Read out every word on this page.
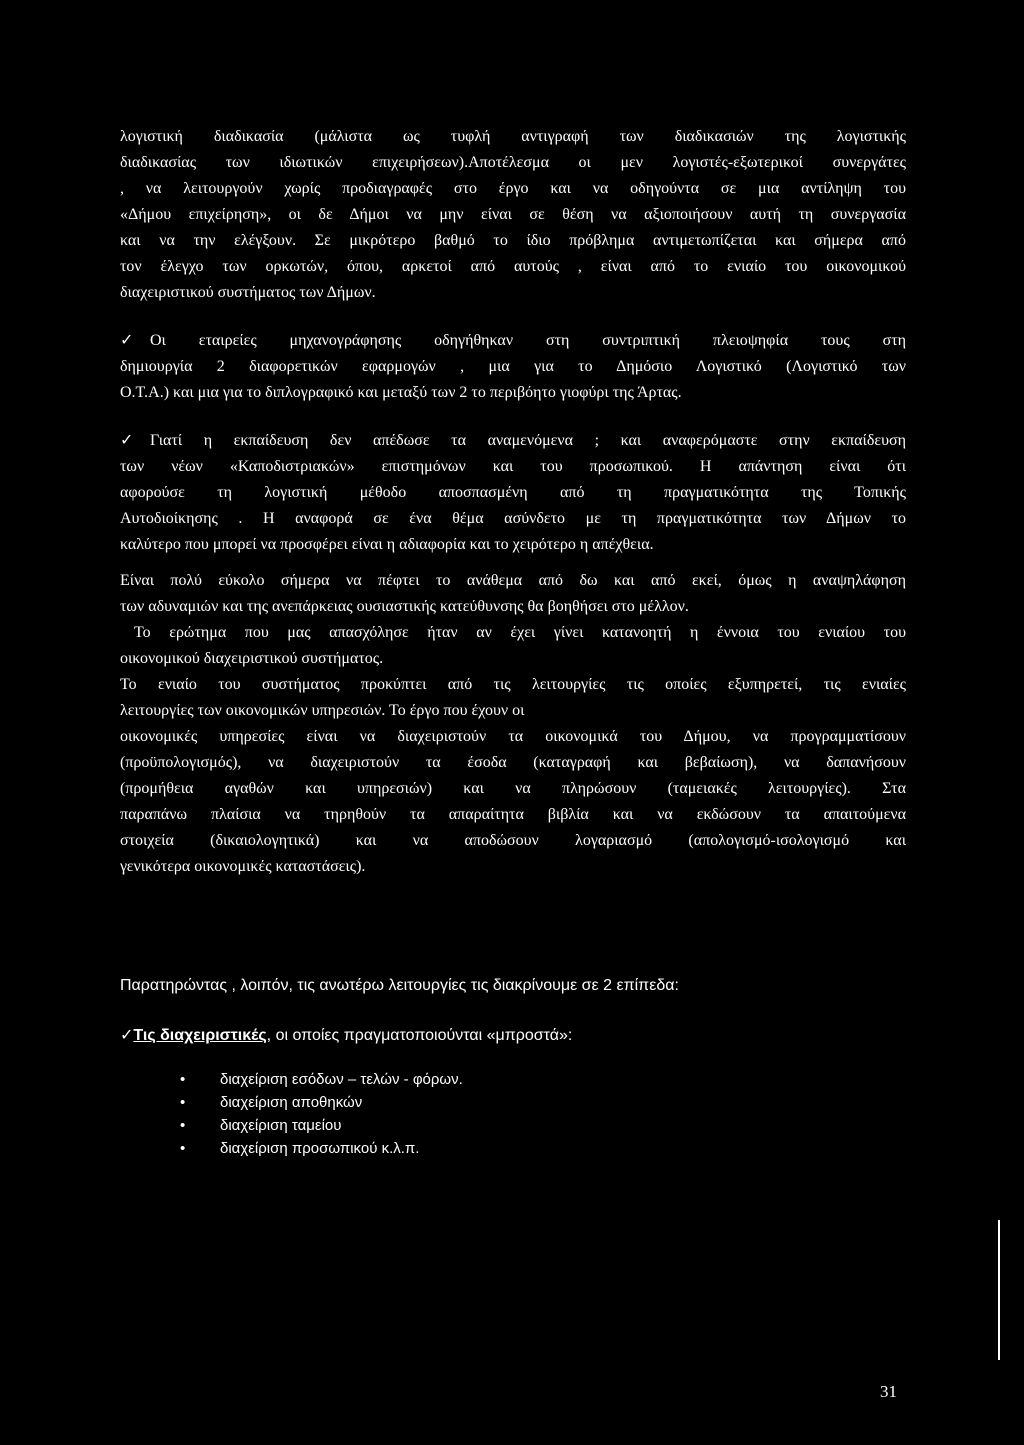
λογιστική διαδικασία (μάλιστα ως τυφλή αντιγραφή των διαδικασιών της λογιστικής
διαδικασίας των ιδιωτικών επιχειρήσεων).Αποτέλεσμα οι μεν λογιστές-εξωτερικοί συνεργάτες
, να λειτουργούν χωρίς προδιαγραφές στο έργο και να οδηγούντα σε μια αντίληψη του
«Δήμου επιχείρηση», οι δε Δήμοι να μην είναι σε θέση να αξιοποιήσουν αυτή τη συνεργασία
και να την ελέγξουν. Σε μικρότερο βαθμό το ίδιο πρόβλημα αντιμετωπίζεται και σήμερα από
τον έλεγχο των ορκωτών, όπου, αρκετοί από αυτούς , είναι από το ενιαίο του οικονομικού
διαχειριστικού συστήματος των Δήμων.
✓ Οι εταιρείες μηχανογράφησης οδηγήθηκαν στη συντριπτική πλειοψηφία τους στη
δημιουργία 2 διαφορετικών εφαρμογών , μια για το Δημόσιο Λογιστικό (Λογιστικό των
Ο.Τ.Α.) και μια για το διπλογραφικό και μεταξύ των 2 το περιβόητο γιοφύρι της Άρτας.
✓ Γιατί η εκπαίδευση δεν απέδωσε τα αναμενόμενα ; και αναφερόμαστε στην εκπαίδευση
των νέων «Καποδιστριακών» επιστημόνων και του προσωπικού. Η απάντηση είναι ότι
αφορούσε τη λογιστική μέθοδο αποσπασμένη από τη πραγματικότητα της Τοπικής
Αυτοδιοίκησης . Η αναφορά σε ένα θέμα ασύνδετο με τη πραγματικότητα των Δήμων το
καλύτερο που μπορεί να προσφέρει είναι η αδιαφορία και το χειρότερο η απέχθεια.
Είναι πολύ εύκολο σήμερα να πέφτει το ανάθεμα από δω και από εκεί, όμως η αναψηλάφηση
των αδυναμιών και της ανεπάρκειας ουσιαστικής κατεύθυνσης θα βοηθήσει στο μέλλον.
Το ερώτημα που μας απασχόλησε ήταν αν έχει γίνει κατανοητή η έννοια του ενιαίου του
οικονομικού διαχειριστικού συστήματος.
Το ενιαίο του συστήματος προκύπτει από τις λειτουργίες τις οποίες εξυπηρετεί, τις ενιαίες
λειτουργίες των οικονομικών υπηρεσιών. Το έργο που έχουν οι
οικονομικές υπηρεσίες είναι να διαχειριστούν τα οικονομικά του Δήμου, να προγραμματίσουν
(προϋπολογισμός), να διαχειριστούν τα έσοδα (καταγραφή και βεβαίωση), να δαπανήσουν
(προμήθεια αγαθών και υπηρεσιών) και να πληρώσουν (ταμειακές λειτουργίες). Στα
παραπάνω πλαίσια να τηρηθούν τα απαραίτητα βιβλία και να εκδώσουν τα απαιτούμενα
στοιχεία (δικαιολογητικά) και να αποδώσουν λογαριασμό (απολογισμό-ισολογισμό και
γενικότερα οικονομικές καταστάσεις).
Παρατηρώντας , λοιπόν, τις ανωτέρω λειτουργίες τις διακρίνουμε σε 2 επίπεδα:
✓Τις διαχειριστικές, οι οποίες πραγματοποιούνται «μπροστά»:
• διαχείριση εσόδων – τελών - φόρων.
• διαχείριση αποθηκών
• διαχείριση ταμείου
• διαχείριση προσωπικού κ.λ.π.
31
